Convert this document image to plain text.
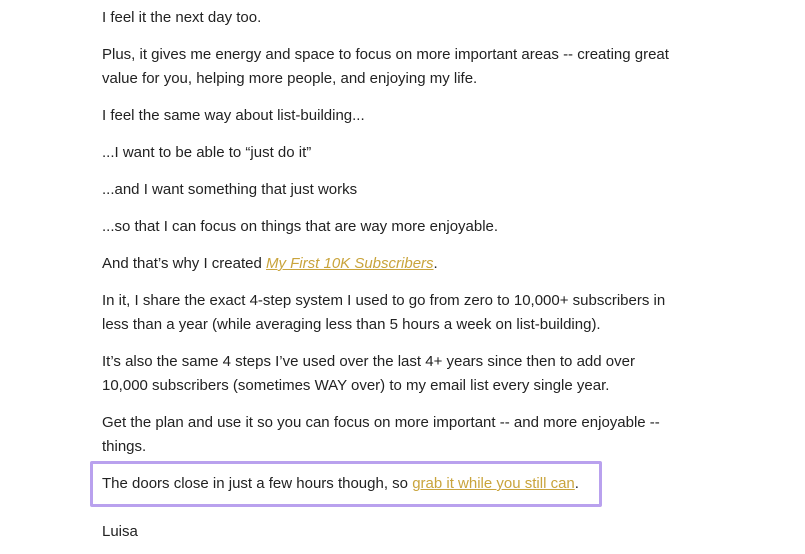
I feel it the next day too.

Plus, it gives me energy and space to focus on more important areas -- creating great value for you, helping more people, and enjoying my life.

I feel the same way about list-building...

...I want to be able to “just do it”

...and I want something that just works

...so that I can focus on things that are way more enjoyable.

And that’s why I created My First 10K Subscribers.

In it, I share the exact 4-step system I used to go from zero to 10,000+ subscribers in less than a year (while averaging less than 5 hours a week on list-building).

It’s also the same 4 steps I’ve used over the last 4+ years since then to add over 10,000 subscribers (sometimes WAY over) to my email list every single year.

Get the plan and use it so you can focus on more important -- and more enjoyable -- things.

The doors close in just a few hours though, so grab it while you still can.

Luisa
